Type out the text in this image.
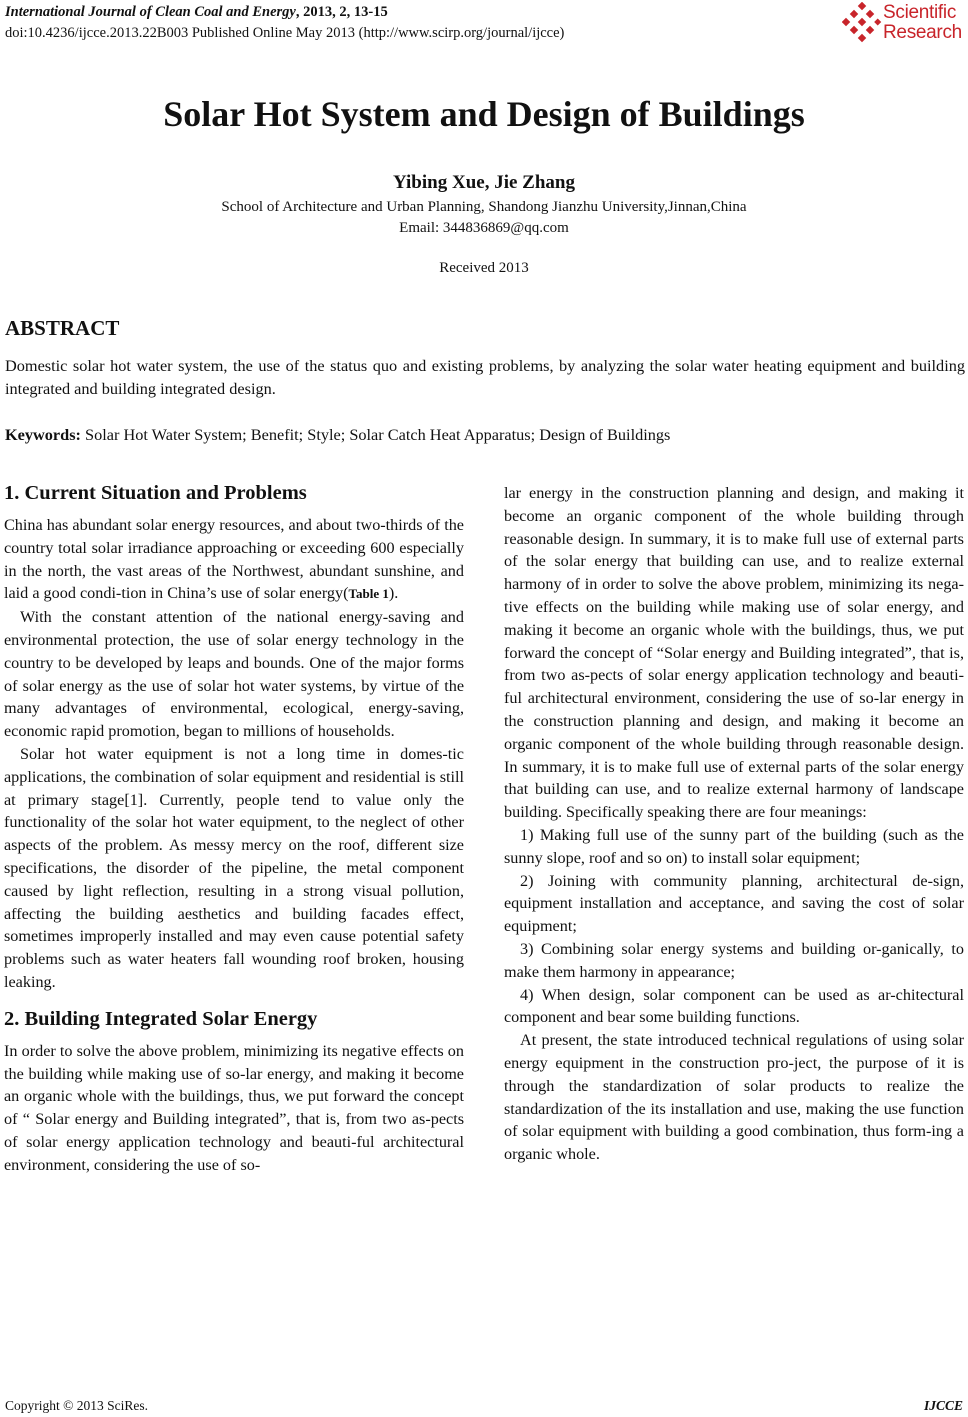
International Journal of Clean Coal and Energy, 2013, 2, 13-15
doi:10.4236/ijcce.2013.22B003 Published Online May 2013 (http://www.scirp.org/journal/ijcce)
Scientific
Research
Solar Hot System and Design of Buildings
Yibing Xue, Jie Zhang
School of Architecture and Urban Planning, Shandong Jianzhu University,Jinnan,China
Email: 344836869@qq.com
Received 2013
ABSTRACT

Domestic solar hot water system, the use of the status quo and existing problems, by analyzing the solar water heating equipment and building integrated and building integrated design.

Keywords: Solar Hot Water System; Benefit; Style; Solar Catch Heat Apparatus; Design of Buildings

1. Current Situation and Problems

China has abundant solar energy resources, and about two-thirds of the country total solar irradiance approaching or exceeding 600 especially in the north, the vast areas of the Northwest, abundant sunshine, and laid a good condi-tion in China’s use of solar energy(Table 1).

With the constant attention of the national energy-saving and environmental protection, the use of solar energy technology in the country to be developed by leaps and bounds. One of the major forms of solar energy as the use of solar hot water systems, by virtue of the many advantages of environmental, ecological, energy-saving, economic rapid promotion, began to millions of households.

Solar hot water equipment is not a long time in domes-tic applications, the combination of solar equipment and residential is still at primary stage[1]. Currently, people tend to value only the functionality of the solar hot water equipment, to the neglect of other aspects of the problem. As messy mercy on the roof, different size specifications, the disorder of the pipeline, the metal component caused by light reflection, resulting in a strong visual pollution, affecting the building aesthetics and building facades effect, sometimes improperly installed and may even cause potential safety problems such as water heaters fall wounding roof broken, housing leaking.

2. Building Integrated Solar Energy

In order to solve the above problem, minimizing its negative effects on the building while making use of so-lar energy, and making it become an organic whole with the buildings, thus, we put forward the concept of “ Solar energy and Building integrated”, that is, from two as-pects of solar energy application technology and beauti-ful architectural environment, considering the use of so-

lar energy in the construction planning and design, and making it become an organic component of the whole building through reasonable design. In summary, it is to make full use of external parts of the solar energy that building can use, and to realize external harmony of in order to solve the above problem, minimizing its nega-tive effects on the building while making use of solar energy, and making it become an organic whole with the buildings, thus, we put forward the concept of “Solar energy and Building integrated”, that is, from two as-pects of solar energy application technology and beauti-ful architectural environment, considering the use of so-lar energy in the construction planning and design, and making it become an organic component of the whole building through reasonable design. In summary, it is to make full use of external parts of the solar energy that building can use, and to realize external harmony of landscape building. Specifically speaking there are four meanings:

1) Making full use of the sunny part of the building (such as the sunny slope, roof and so on) to install solar equipment;

2) Joining with community planning, architectural de-sign, equipment installation and acceptance, and saving the cost of solar equipment;

3) Combining solar energy systems and building or-ganically, to make them harmony in appearance;

4) When design, solar component can be used as ar-chitectural component and bear some building functions.

At present, the state introduced technical regulations of using solar energy equipment in the construction pro-ject, the purpose of it is through the standardization of solar products to realize the standardization of the its installation and use, making the use function of solar equipment with building a good combination, thus form-ing a organic whole.

Copyright © 2013 SciRes.	IJCCE
